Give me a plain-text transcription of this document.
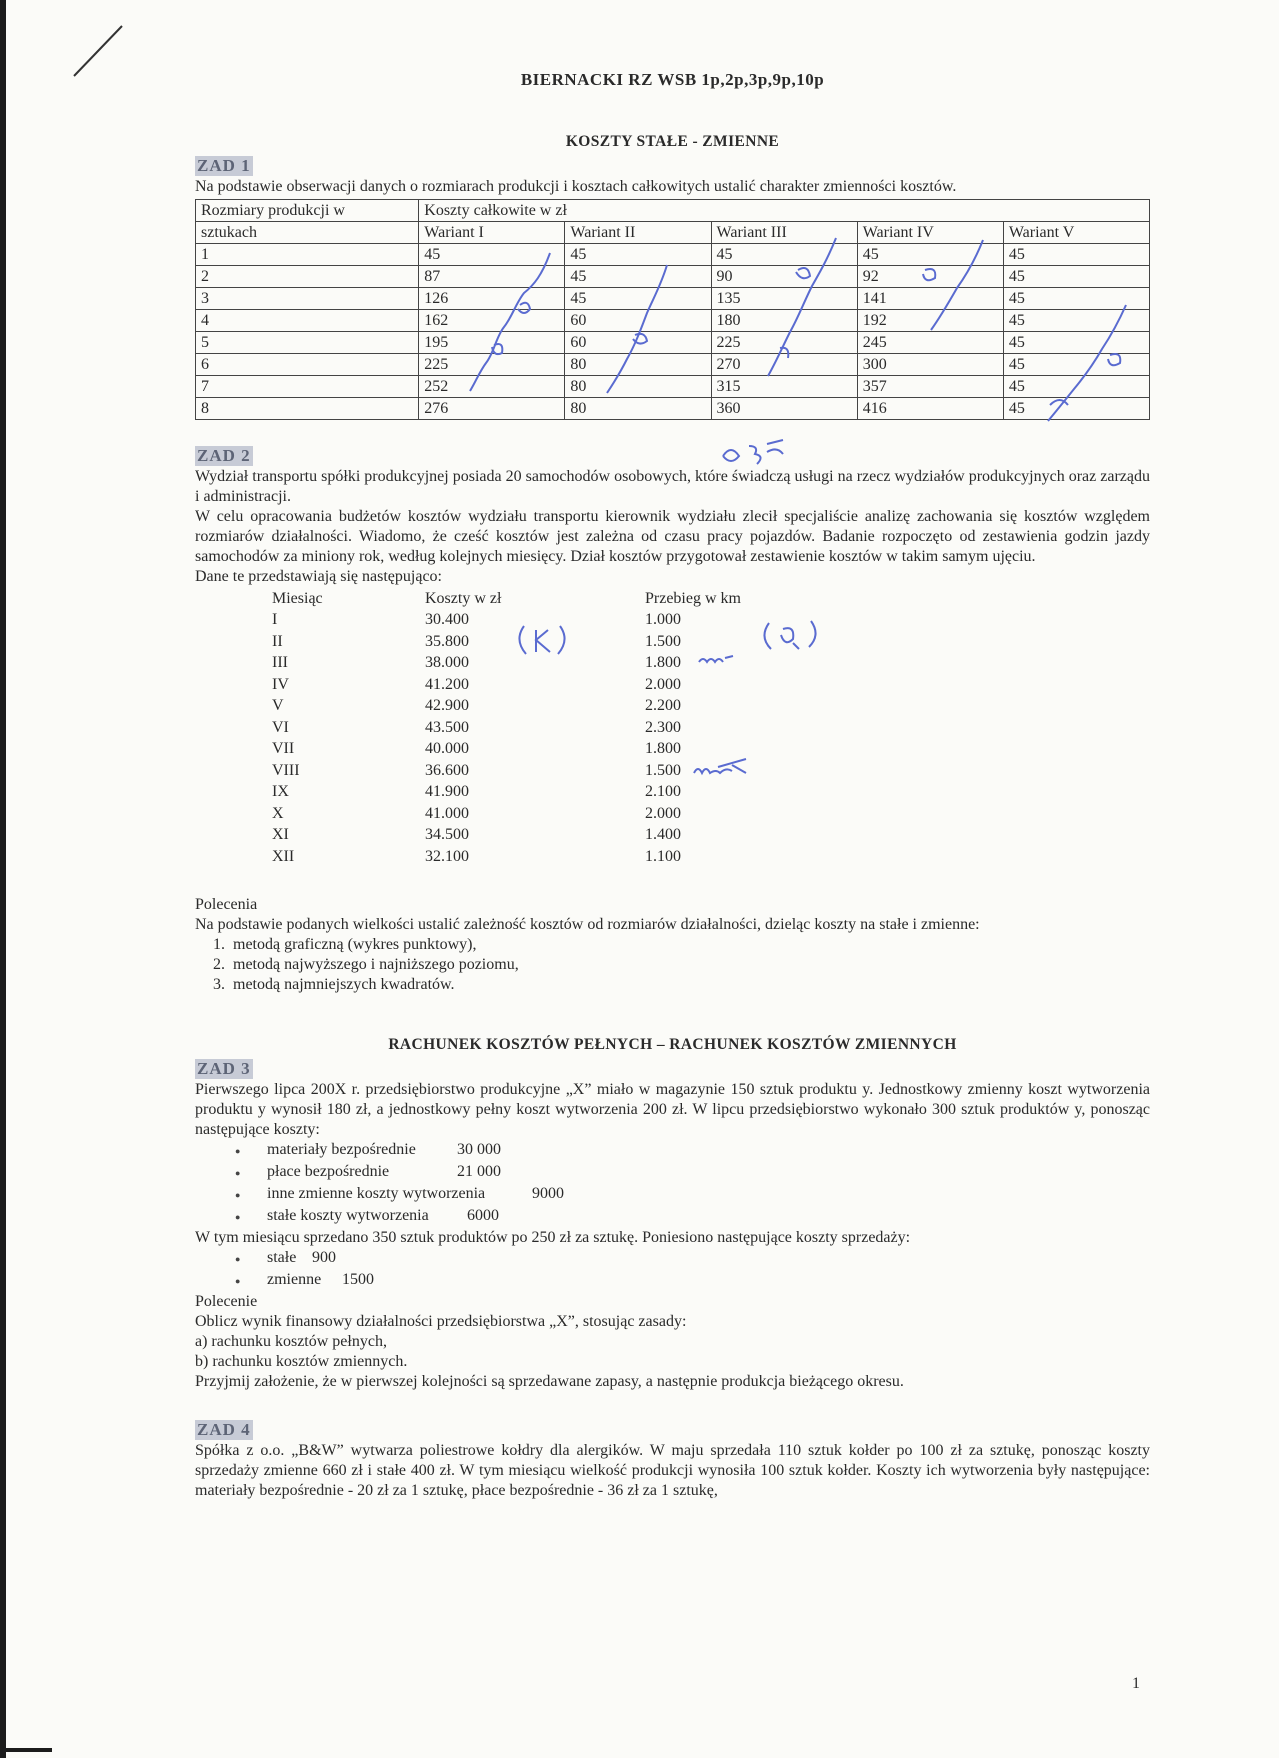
BIERNACKI RZ WSB 1p,2p,3p,9p,10p
KOSZTY STAŁE - ZMIENNE
ZAD 1

Na podstawie obserwacji danych o rozmiarach produkcji i kosztach całkowitych ustalić charakter zmienności kosztów.

Rozmiary produkcji w	Koszty całkowite w zł				
sztukach	Wariant I	Wariant II	Wariant III	Wariant IV	Wariant V
1	45	45	45	45	45
2	87	45	90	92	45
3	126	45	135	141	45
4	162	60	180	192	45
5	195	60	225	245	45
6	225	80	270	300	45
7	252	80	315	357	45
8	276	80	360	416	45
ZAD 2

Wydział transportu spółki produkcyjnej posiada 20 samochodów osobowych, które świadczą usługi na rzecz wydziałów produkcyjnych oraz zarządu i administracji.

W celu opracowania budżetów kosztów wydziału transportu kierownik wydziału zlecił specjaliście analizę zachowania się kosztów względem rozmiarów działalności. Wiadomo, że cześć kosztów jest zależna od czasu pracy pojazdów. Badanie rozpoczęto od zestawienia godzin jazdy samochodów za miniony rok, według kolejnych miesięcy. Dział kosztów przygotował zestawienie kosztów w takim samym ujęciu.

Dane te przedstawiają się następująco:

Miesiąc	Koszty w zł	Przebieg w km
I	30.400	1.000
II	35.800	1.500
III	38.000	1.800
IV	41.200	2.000
V	42.900	2.200
VI	43.500	2.300
VII	40.000	1.800
VIII	36.600	1.500
IX	41.900	2.100
X	41.000	2.000
XI	34.500	1.400
XII	32.100	1.100

Polecenia

Na podstawie podanych wielkości ustalić zależność kosztów od rozmiarów działalności, dzieląc koszty na stałe i zmienne:

1. metodą graficzną (wykres punktowy),
2. metodą najwyższego i najniższego poziomu,
3. metodą najmniejszych kwadratów.
RACHUNEK KOSZTÓW PEŁNYCH – RACHUNEK KOSZTÓW ZMIENNYCH
ZAD 3

Pierwszego lipca 200X r. przedsiębiorstwo produkcyjne „X” miało w magazynie 150 sztuk produktu y. Jednostkowy zmienny koszt wytworzenia produktu y wynosił 180 zł, a jednostkowy pełny koszt wytworzenia 200 zł. W lipcu przedsiębiorstwo wykonało 300 sztuk produktów y, ponosząc następujące koszty:

● materiały bezpośrednie	30 000
● płace bezpośrednie	21 000
● inne zmienne koszty wytworzenia	9000
● stałe koszty wytworzenia 6000

W tym miesiącu sprzedano 350 sztuk produktów po 250 zł za sztukę. Poniesiono następujące koszty sprzedaży:

● stałe 900
● zmienne 1500

Polecenie

Oblicz wynik finansowy działalności przedsiębiorstwa „X”, stosując zasady:

a) rachunku kosztów pełnych,

b) rachunku kosztów zmiennych.

Przyjmij założenie, że w pierwszej kolejności są sprzedawane zapasy, a następnie produkcja bieżącego okresu.

ZAD 4

Spółka z o.o. „B&W” wytwarza poliestrowe kołdry dla alergików. W maju sprzedała 110 sztuk kołder po 100 zł za sztukę, ponosząc koszty sprzedaży zmienne 660 zł i stałe 400 zł. W tym miesiącu wielkość produkcji wynosiła 100 sztuk kołder. Koszty ich wytworzenia były następujące: materiały bezpośrednie - 20 zł za 1 sztukę, płace bezpośrednie - 36 zł za 1 sztukę,

1
